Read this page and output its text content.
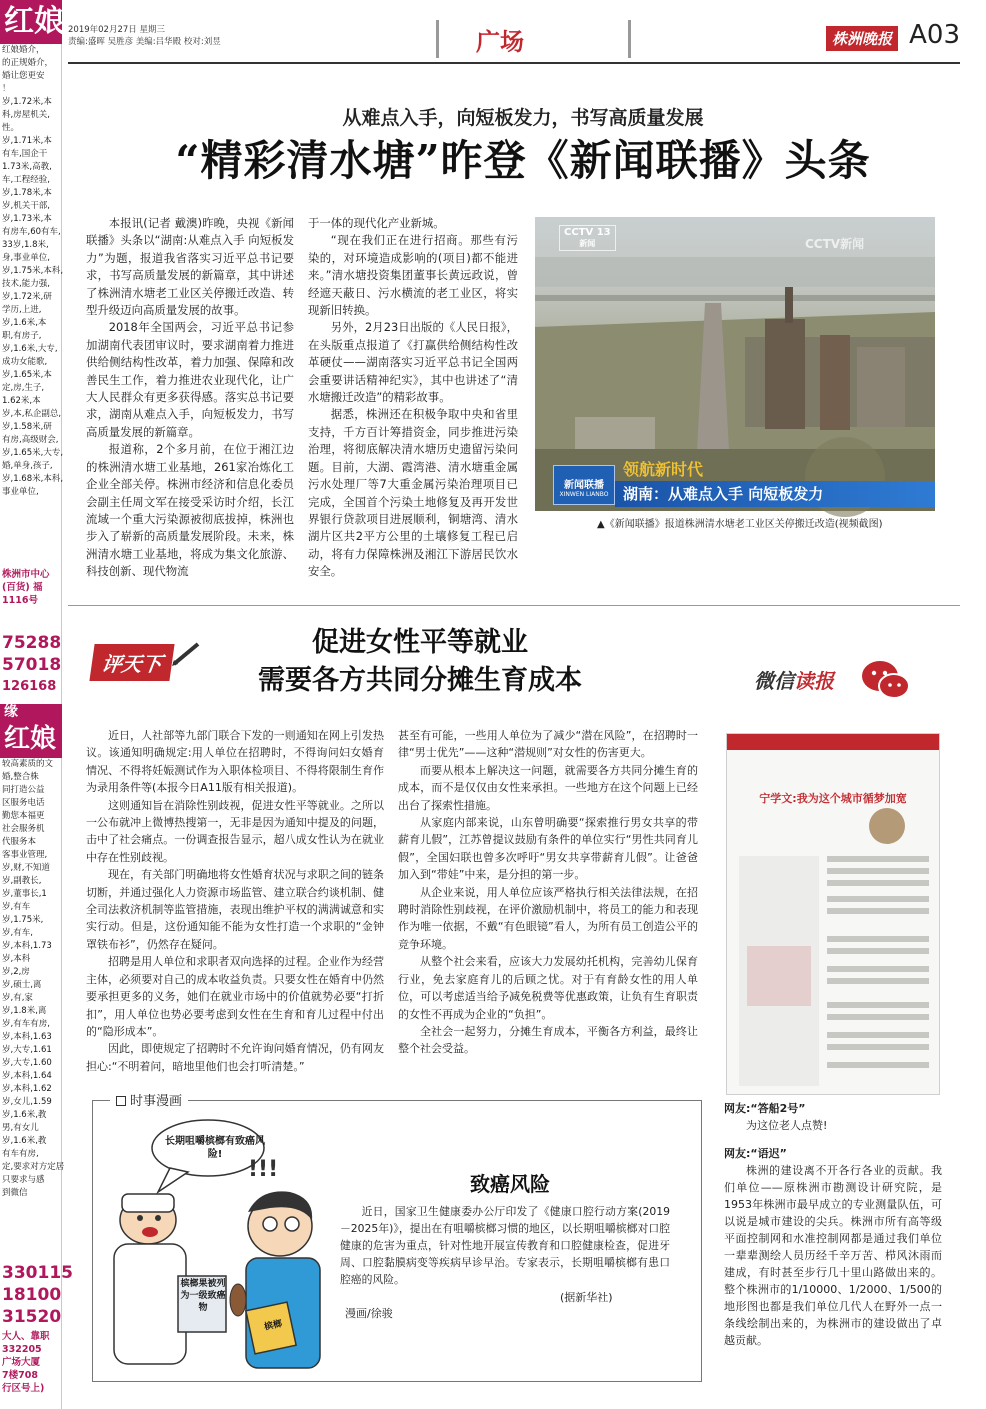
红娘
红娘婚介，
的正规婚介，
婚让您更安
！
岁,1.72米,本
科,房屋机关,
性。
岁,1.71米,本
有车,国企干
1.73米,高教,
车,工程经验,
岁,1.78米,本
岁,机关干部,
岁,1.73米,本
有房车,60有车,
33岁,1.8米,
身,事业单位,
岁,1.75米,本科,
技术,能力强,
岁,1.72米,研
学历,上进,
岁,1.6米,本
职,有房子,
岁,1.6米,大专,
成功女能歌,
岁,1.65米,本
定,房,生子,
1.62米,本
岁,本,私企副总,
岁,1.58米,研
有房,高级财会,
岁,1.65米,大专,
婚,单身,孩子,
岁,1.68米,本科,
事业单位,
株洲市中心
(百货) 福
1116号
75288
57018
126168
缘
红娘
较高素质的文
婚,整合株
同打造公益
区服务电话
勤您本福更
社会服务机
代服务本
客事业管理,
岁,财,不知道
岁,副教长,
岁,董事长,1
岁,有车
岁,1.75米,
岁,有车,
岁,本科,1.73
岁,本科
岁,2,房
岁,硕士,离
岁,有,家
岁,1.8米,离
岁,有车有房,
岁,本科,1.63
岁,大专,1.61
岁,大专,1.60
岁,本科,1.64
岁,本科,1.62
岁,女儿,1.59
岁,1.6米,教
男,有女儿
岁,1.6米,教
有车有房,
定,要求对方定居
只要求与感
到微信
330115
18100
31520
大人、靠职
332205
广场大厦
7楼708
行区号上)
2019年02月27日 星期三
责编:盛晖 吴胜彦 美编:吕华殿 校对:刘昱	广场	株洲晚报 A03
从难点入手，向短板发力，书写高质量发展
“精彩清水塘”昨登《新闻联播》头条

本报讯(记者 戴澳)昨晚，央视《新闻联播》头条以“湖南:从难点入手 向短板发力”为题，报道我省落实习近平总书记要求，书写高质量发展的新篇章，其中讲述了株洲清水塘老工业区关停搬迁改造、转型升级迈向高质量发展的故事。

2018年全国两会，习近平总书记参加湖南代表团审议时，要求湖南着力推进供给侧结构性改革，着力加强、保障和改善民生工作，着力推进农业现代化，让广大人民群众有更多获得感。落实总书记要求，湖南从难点入手，向短板发力，书写高质量发展的新篇章。

报道称，2个多月前，在位于湘江边的株洲清水塘工业基地，261家冶炼化工企业全部关停。株洲市经济和信息化委员会副主任周文军在接受采访时介绍，长江流域一个重大污染源被彻底拔掉，株洲也步入了崭新的高质量发展阶段。未来，株洲清水塘工业基地，将成为集文化旅游、科技创新、现代物流

于一体的现代化产业新城。

“现在我们正在进行招商。那些有污染的，对环境造成影响的(项目)都不能进来。”清水塘投资集团董事长黄远政说，曾经遮天蔽日、污水横流的老工业区，将实现新旧转换。

另外，2月23日出版的《人民日报》，在头版重点报道了《打赢供给侧结构性改革硬仗——湖南落实习近平总书记全国两会重要讲话精神纪实》，其中也讲述了“清水塘搬迁改造”的精彩故事。

据悉，株洲还在积极争取中央和省里支持，千方百计筹措资金，同步推进污染治理，将彻底解决清水塘历史遗留污染问题。目前，大湖、霞湾港、清水塘重金属污水处理厂等7大重金属污染治理项目已完成，全国首个污染土地修复及再开发世界银行贷款项目进展顺利，铜塘湾、清水湖片区共2平方公里的土壤修复工程已启动，将有力保障株洲及湘江下游居民饮水安全。

CCTV 13
新闻	CCTV新闻
领航新时代
新闻联播
XINWEN LIANBO 湖南：从难点入手 向短板发力
▲《新闻联播》报道株洲清水塘老工业区关停搬迁改造(视频截图)
评天下
促进女性平等就业
需要各方共同分摊生育成本	微信读报

近日，人社部等九部门联合下发的一则通知在网上引发热议。该通知明确规定:用人单位在招聘时，不得询问妇女婚育情况、不得将妊娠测试作为入职体检项目、不得将限制生育作为录用条件等(本报今日A11版有相关报道)。

这则通知旨在消除性别歧视，促进女性平等就业。之所以一公布就冲上微博热搜第一，无非是因为通知中提及的问题，击中了社会痛点。一份调查报告显示，超八成女性认为在就业中存在性别歧视。

现在，有关部门明确地将女性婚育状况与求职之间的链条切断，并通过强化人力资源市场监管、建立联合约谈机制、健全司法救济机制等监管措施，表现出维护平权的满满诚意和实实行动。但是，这份通知能不能为女性打造一个求职的“金钟罩铁布衫”，仍然存在疑问。

招聘是用人单位和求职者双向选择的过程。企业作为经营主体，必须要对自己的成本收益负责。只要女性在婚育中仍然要承担更多的义务，她们在就业市场中的价值就势必要“打折扣”，用人单位也势必要考虑到女性在生育和育儿过程中付出的“隐形成本”。

因此，即使规定了招聘时不允许询问婚育情况，仍有网友担心:“不明着问，暗地里他们也会打听清楚。”

甚至有可能，一些用人单位为了减少“潜在风险”，在招聘时一律“男士优先”——这种“潜规则”对女性的伤害更大。

而要从根本上解决这一问题，就需要各方共同分摊生育的成本，而不是仅仅由女性来承担。一些地方在这个问题上已经出台了探索性措施。

从家庭内部来说，山东曾明确要“探索推行男女共享的带薪育儿假”，江苏曾提议鼓励有条件的单位实行“男性共同育儿假”，全国妇联也曾多次呼吁“男女共享带薪育儿假”。让爸爸加入到“带娃”中来，是分担的第一步。

从企业来说，用人单位应该严格执行相关法律法规，在招聘时消除性别歧视，在评价激励机制中，将员工的能力和表现作为唯一依据，不戴“有色眼镜”看人，为所有员工创造公平的竞争环境。

从整个社会来看，应该大力发展幼托机构，完善幼儿保育行业，免去家庭育儿的后顾之忧。对于有育龄女性的用人单位，可以考虑适当给予减免税费等优惠政策，让负有生育职责的女性不再成为企业的“负担”。

全社会一起努力，分摊生育成本，平衡各方利益，最终让整个社会受益。

宁学文:我为这个城市循梦加宽
网友:“答船2号”
为这位老人点赞!
网友:“语迟”
株洲的建设离不开各行各业的贡献。我们单位——原株洲市勘测设计研究院，是1953年株洲市最早成立的专业测量队伍，可以说是城市建设的尖兵。株洲市所有高等级平面控制网和水准控制网都是通过我们单位一辈辈测绘人员历经千辛万苦、栉风沐雨而建成，有时甚至步行几十里山路做出来的。整个株洲市的1/10000、1/2000、1/500的地形图也都是我们单位几代人在野外一点一条线绘制出来的，为株洲市的建设做出了卓越贡献。
时事漫画
!!!
长期咀嚼槟榔有致癌风险!
槟榔果被列为一级致癌物
槟榔
致癌风险

近日，国家卫生健康委办公厅印发了《健康口腔行动方案(2019－2025年)》，提出在有咀嚼槟榔习惯的地区，以长期咀嚼槟榔对口腔健康的危害为重点，针对性地开展宣传教育和口腔健康检查，促进牙周、口腔黏膜病变等疾病早诊早治。专家表示，长期咀嚼槟榔有患口腔癌的风险。

(据新华社)
漫画/徐骏
